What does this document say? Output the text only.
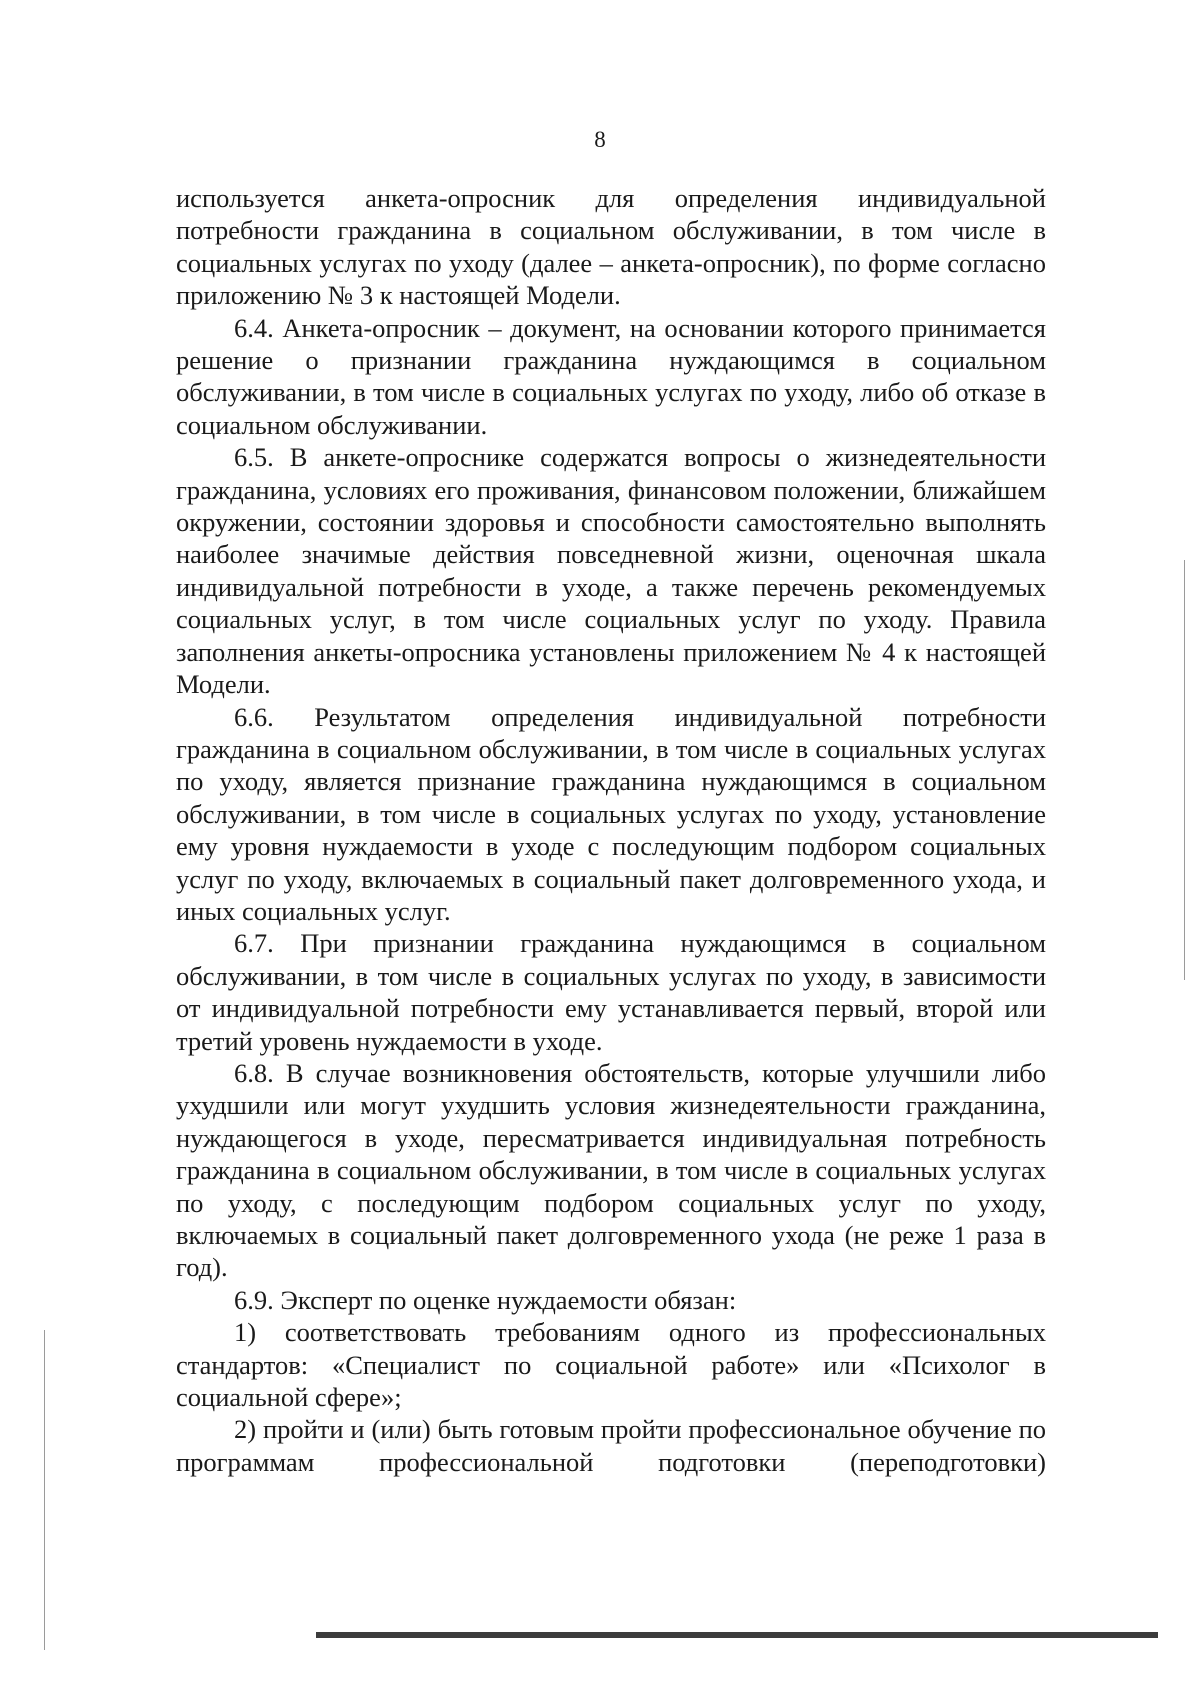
8

используется анкета-опросник для определения индивидуальной потребности гражданина в социальном обслуживании, в том числе в социальных услугах по уходу (далее – анкета-опросник), по форме согласно приложению № 3 к настоящей Модели.

6.4. Анкета-опросник – документ, на основании которого принимается решение о признании гражданина нуждающимся в социальном обслуживании, в том числе в социальных услугах по уходу, либо об отказе в социальном обслуживании.

6.5. В анкете-опроснике содержатся вопросы о жизнедеятельности гражданина, условиях его проживания, финансовом положении, ближайшем окружении, состоянии здоровья и способности самостоятельно выполнять наиболее значимые действия повседневной жизни, оценочная шкала индивидуальной потребности в уходе, а также перечень рекомендуемых социальных услуг, в том числе социальных услуг по уходу. Правила заполнения анкеты-опросника установлены приложением № 4 к настоящей Модели.

6.6. Результатом определения индивидуальной потребности гражданина в социальном обслуживании, в том числе в социальных услугах по уходу, является признание гражданина нуждающимся в социальном обслуживании, в том числе в социальных услугах по уходу, установление ему уровня нуждаемости в уходе с последующим подбором социальных услуг по уходу, включаемых в социальный пакет долговременного ухода, и иных социальных услуг.

6.7. При признании гражданина нуждающимся в социальном обслуживании, в том числе в социальных услугах по уходу, в зависимости от индивидуальной потребности ему устанавливается первый, второй или третий уровень нуждаемости в уходе.

6.8. В случае возникновения обстоятельств, которые улучшили либо ухудшили или могут ухудшить условия жизнедеятельности гражданина, нуждающегося в уходе, пересматривается индивидуальная потребность гражданина в социальном обслуживании, в том числе в социальных услугах по уходу, с последующим подбором социальных услуг по уходу, включаемых в социальный пакет долговременного ухода (не реже 1 раза в год).

6.9. Эксперт по оценке нуждаемости обязан:

1) соответствовать требованиям одного из профессиональных стандартов: «Специалист по социальной работе» или «Психолог в социальной сфере»;

2) пройти и (или) быть готовым пройти профессиональное обучение по программам профессиональной подготовки (переподготовки)
